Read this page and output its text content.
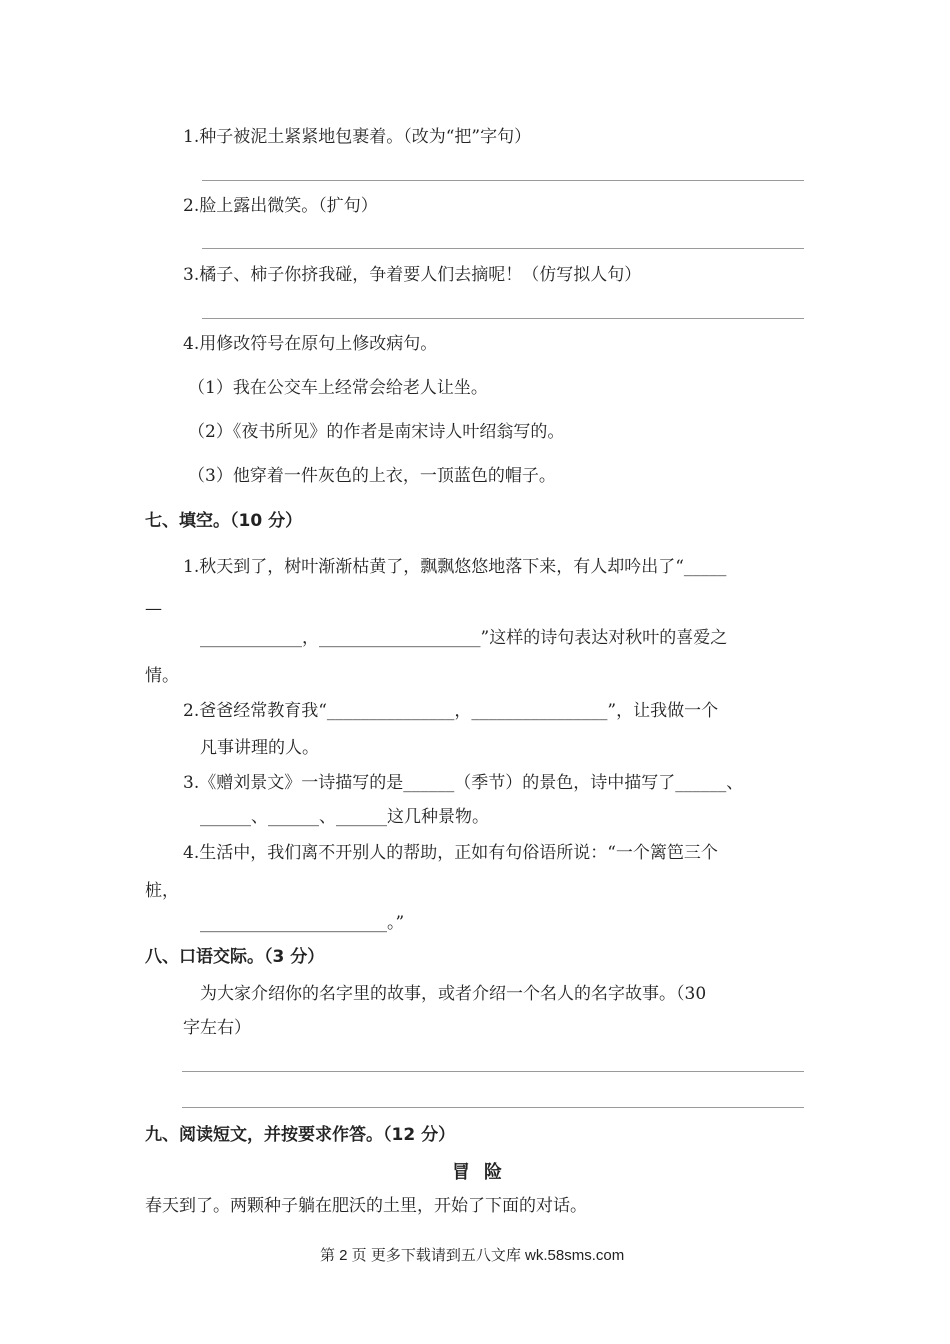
1.种子被泥土紧紧地包裹着。（改为“把”字句）
2.脸上露出微笑。（扩句）
3.橘子、柿子你挤我碰，争着要人们去摘呢！（仿写拟人句）
4.用修改符号在原句上修改病句。
（1）我在公交车上经常会给老人让坐。
（2）《夜书所见》的作者是南宋诗人叶绍翁写的。
（3）他穿着一件灰色的上衣，一顶蓝色的帽子。
七、填空。（10 分）
1.秋天到了，树叶渐渐枯黄了，飘飘悠悠地落下来，有人却吟出了“_____
—
____________，___________________”这样的诗句表达对秋叶的喜爱之
情。
2.爸爸经常教育我“_______________，________________”，让我做一个
凡事讲理的人。
3.《赠刘景文》一诗描写的是______（季节）的景色，诗中描写了______、
______、______、______这几种景物。
4.生活中，我们离不开别人的帮助，正如有句俗语所说：“一个篱笆三个
桩，
______________________。”
八、口语交际。（3 分）
为大家介绍你的名字里的故事，或者介绍一个名人的名字故事。（30
字左右）
九、阅读短文，并按要求作答。（12 分）
冒险
春天到了。两颗种子躺在肥沃的土里，开始了下面的对话。
第 2 页 更多下载请到五八文库 wk.58sms.com
